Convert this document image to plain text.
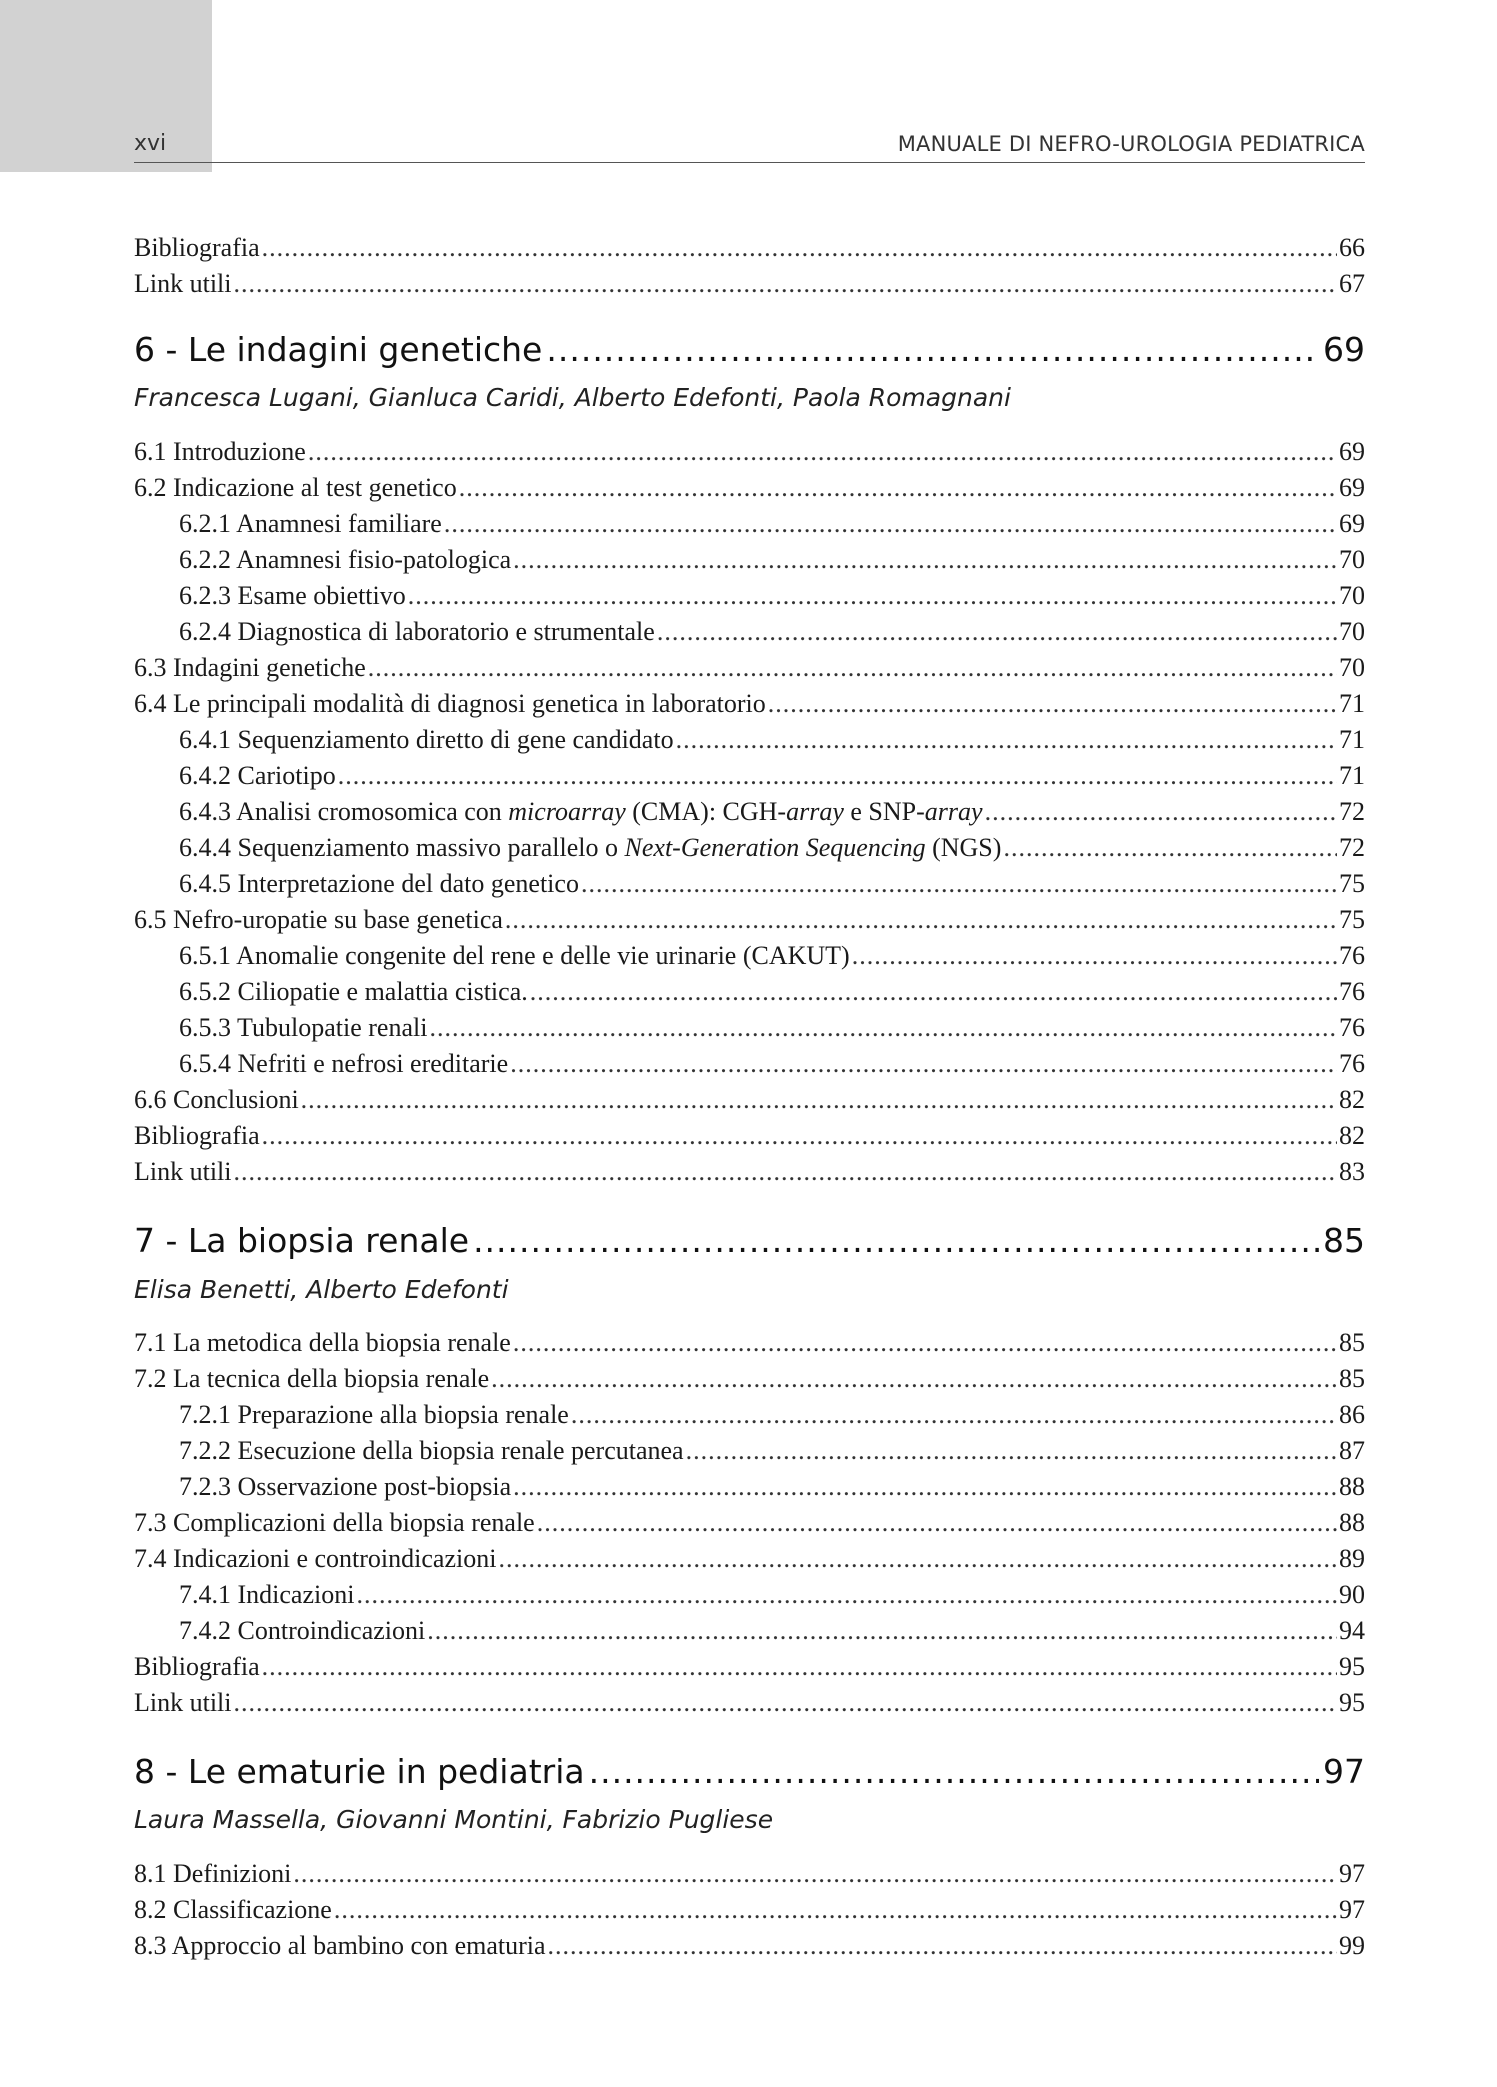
xvi	MANUALE DI NEFRO-UROLOGIA PEDIATRICA
Bibliografia .....	66
Link utili .....	67
6 - Le indagini genetiche .....	69
Francesca Lugani, Gianluca Caridi, Alberto Edefonti, Paola Romagnani
6.1 Introduzione .....	69
6.2 Indicazione al test genetico .....	69
6.2.1 Anamnesi familiare .....	69
6.2.2 Anamnesi fisio-patologica .....	70
6.2.3 Esame obiettivo .....	70
6.2.4 Diagnostica di laboratorio e strumentale .....	70
6.3 Indagini genetiche .....	70
6.4 Le principali modalità di diagnosi genetica in laboratorio .....	71
6.4.1 Sequenziamento diretto di gene candidato .....	71
6.4.2 Cariotipo .....	71
6.4.3 Analisi cromosomica con microarray (CMA): CGH-array e SNP-array .....	72
6.4.4 Sequenziamento massivo parallelo o Next-Generation Sequencing (NGS) .....	72
6.4.5 Interpretazione del dato genetico .....	75
6.5 Nefro-uropatie su base genetica .....	75
6.5.1 Anomalie congenite del rene e delle vie urinarie (CAKUT) .....	76
6.5.2 Ciliopatie e malattia cistica. .....	76
6.5.3 Tubulopatie renali .....	76
6.5.4 Nefriti e nefrosi ereditarie .....	76
6.6 Conclusioni .....	82
Bibliografia .....	82
Link utili .....	83
7 - La biopsia renale .....	85
Elisa Benetti, Alberto Edefonti
7.1 La metodica della biopsia renale .....	85
7.2 La tecnica della biopsia renale .....	85
7.2.1 Preparazione alla biopsia renale .....	86
7.2.2 Esecuzione della biopsia renale percutanea .....	87
7.2.3 Osservazione post-biopsia .....	88
7.3 Complicazioni della biopsia renale .....	88
7.4 Indicazioni e controindicazioni .....	89
7.4.1 Indicazioni .....	90
7.4.2 Controindicazioni .....	94
Bibliografia .....	95
Link utili .....	95
8 - Le ematurie in pediatria .....	97
Laura Massella, Giovanni Montini, Fabrizio Pugliese
8.1 Definizioni .....	97
8.2 Classificazione .....	97
8.3 Approccio al bambino con ematuria .....	99
